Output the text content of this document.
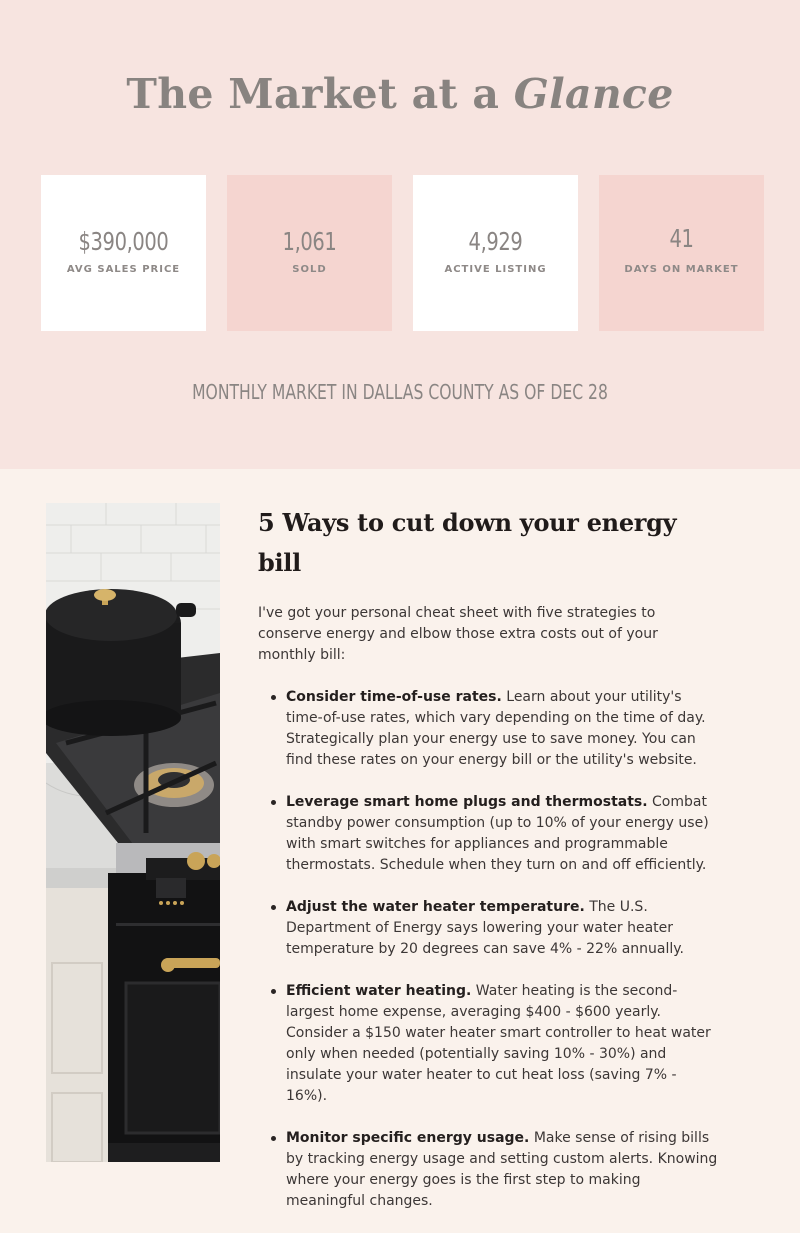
The Market at a Glance
$390,000
AVG SALES PRICE
1,061
SOLD
4,929
ACTIVE LISTING
41
DAYS ON MARKET
MONTHLY MARKET IN DALLAS COUNTY AS OF DEC 28
5 Ways to cut down your energy bill

I've got your personal cheat sheet with five strategies to conserve energy and elbow those extra costs out of your monthly bill:

Consider time-of-use rates. Learn about your utility's time-of-use rates, which vary depending on the time of day. Strategically plan your energy use to save money. You can find these rates on your energy bill or the utility's website.
Leverage smart home plugs and thermostats. Combat standby power consumption (up to 10% of your energy use) with smart switches for appliances and programmable thermostats. Schedule when they turn on and off efficiently.
Adjust the water heater temperature. The U.S. Department of Energy says lowering your water heater temperature by 20 degrees can save 4% - 22% annually.
Efficient water heating. Water heating is the second-largest home expense, averaging $400 - $600 yearly. Consider a $150 water heater smart controller to heat water only when needed (potentially saving 10% - 30%) and insulate your water heater to cut heat loss (saving 7% - 16%).
Monitor specific energy usage. Make sense of rising bills by tracking energy usage and setting custom alerts. Knowing where your energy goes is the first step to making meaningful changes.
